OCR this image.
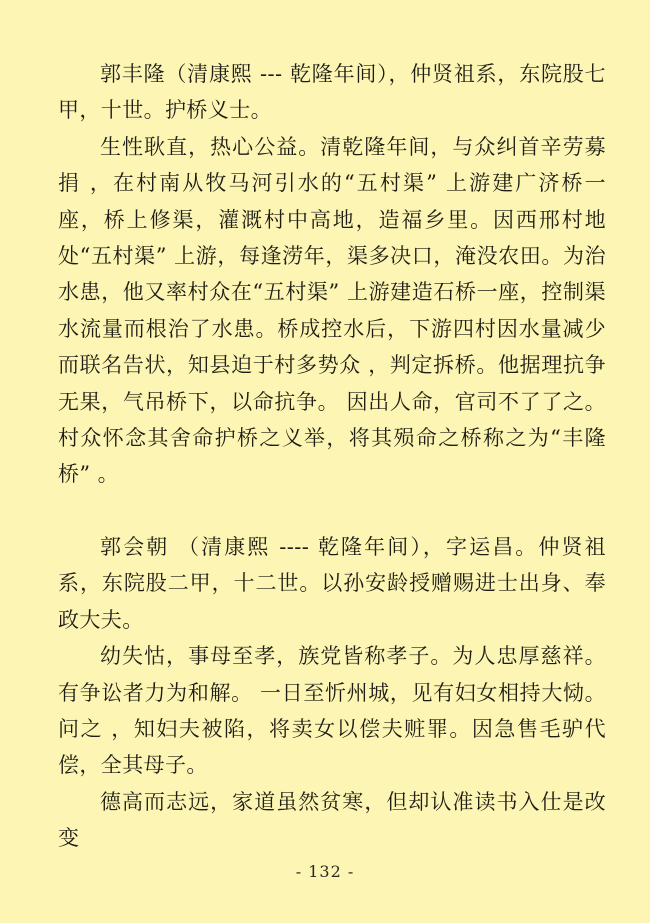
郭丰隆（清康熙 --- 乾隆年间），仲贤祖系，东院股七甲，十世。护桥义士。

生性耿直，热心公益。清乾隆年间，与众纠首辛劳募捐 ，在村南从牧马河引水的“五村渠” 上游建广济桥一座，桥上修渠，灌溉村中高地，造福乡里。因西邢村地处“五村渠” 上游，每逢涝年，渠多决口，淹没农田。为治水患，他又率村众在“五村渠” 上游建造石桥一座，控制渠水流量而根治了水患。桥成控水后，下游四村因水量减少而联名告状，知县迫于村多势众 ，判定拆桥。他据理抗争无果，气吊桥下，以命抗争。 因出人命，官司不了了之。村众怀念其舍命护桥之义举，将其殒命之桥称之为“丰隆桥” 。

郭会朝 （清康熙 ---- 乾隆年间），字运昌。仲贤祖系，东院股二甲，十二世。以孙安龄授赠赐进士出身、奉政大夫。

幼失怙，事母至孝，族党皆称孝子。为人忠厚慈祥。有争讼者力为和解。 一日至忻州城，见有妇女相持大恸。 问之 ，知妇夫被陷，将卖女以偿夫赃罪。因急售毛驴代偿，全其母子。

德高而志远，家道虽然贫寒，但却认准读书入仕是改变

- 132 -
